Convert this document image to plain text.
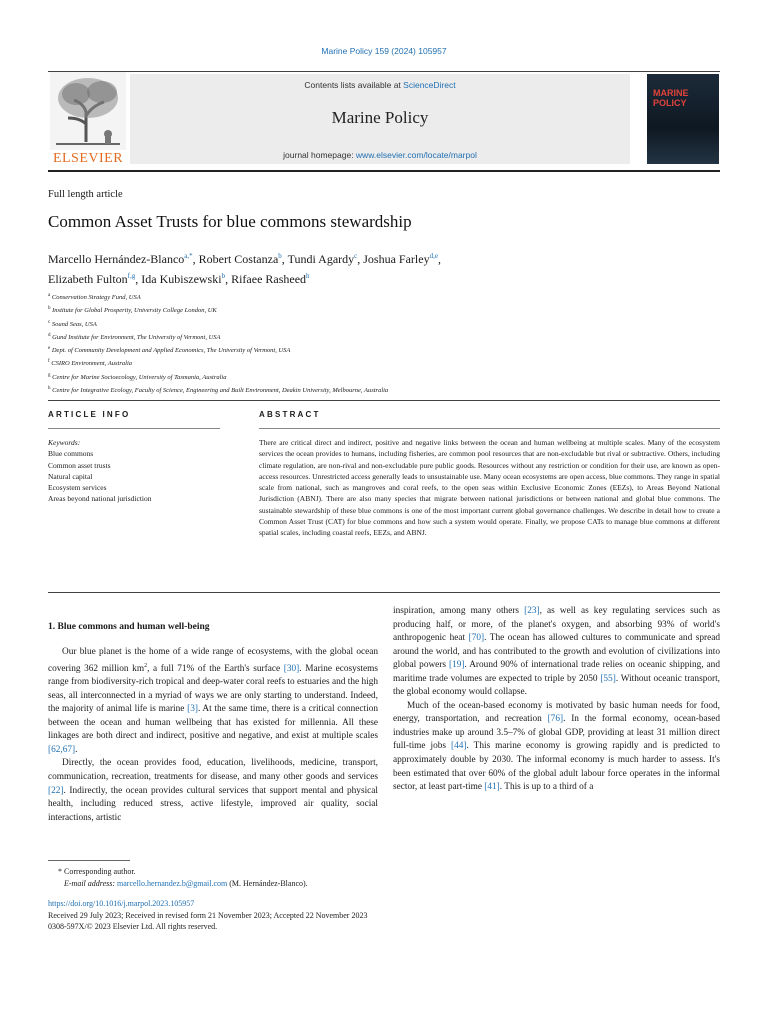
Marine Policy 159 (2024) 105957
ELSEVIER
Contents lists available at ScienceDirect
Marine Policy
journal homepage: www.elsevier.com/locate/marpol
MARINE
POLICY
Full length article
Common Asset Trusts for blue commons stewardship
Marcello Hernández-Blanco$^{a,*}$, Robert Costanza$^b$, Tundi Agardy$^c$, Joshua Farley$^{d,e}$,
Elizabeth Fulton$^{f,g}$, Ida Kubiszewski$^b$, Rifaee Rasheed$^h$
$^a$ Conservation Strategy Fund, USA
$^b$ Institute for Global Prosperity, University College London, UK
$^c$ Sound Seas, USA
$^d$ Gund Institute for Environment, The University of Vermont, USA
$^e$ Dept. of Community Development and Applied Economics, The University of Vermont, USA
$^f$ CSIRO Environment, Australia
$^g$ Centre for Marine Socioecology, University of Tasmania, Australia
$^h$ Centre for Integrative Ecology, Faculty of Science, Engineering and Built Environment, Deakin University, Melbourne, Australia
ARTICLE INFO	ABSTRACT
Keywords:
Blue commons
Common asset trusts
Natural capital
Ecosystem services
Areas beyond national jurisdiction
There are critical direct and indirect, positive and negative links between the ocean and human wellbeing at multiple scales. Many of the ecosystem services the ocean provides to humans, including fisheries, are common pool resources that are non-excludable but rival or subtractive. Others, including climate regulation, are non-rival and non-excludable pure public goods. Resources without any restriction or condition for their use, are known as open-access resources. Unrestricted access generally leads to unsustainable use. Many ocean ecosystems are open access, blue commons. They range in spatial scale from national, such as mangroves and coral reefs, to the open seas within Exclusive Economic Zones (EEZs), to Areas Beyond National Jurisdiction (ABNJ). There are also many species that migrate between national jurisdictions or between national and global blue commons. The sustainable stewardship of these blue commons is one of the most important current global governance challenges. We describe in detail how to create a Common Asset Trust (CAT) for blue commons and how such a system would operate. Finally, we propose CATs to manage blue commons at different spatial scales, including coastal reefs, EEZs, and ABNJ.
1. Blue commons and human well-being

Our blue planet is the home of a wide range of ecosystems, with the global ocean covering 362 million $km^2$, a full 71% of the Earth's surface [30]. Marine ecosystems range from biodiversity-rich tropical and deep-water coral reefs to estuaries and the high seas, all interconnected in a myriad of ways we are only starting to understand. Indeed, the majority of animal life is marine [3]. At the same time, there is a critical connection between the ocean and human wellbeing that has existed for millennia. All these linkages are both direct and indirect, positive and negative, and exist at multiple scales [62,67].

Directly, the ocean provides food, education, livelihoods, medicine, transport, communication, recreation, treatments for disease, and many other goods and services [22]. Indirectly, the ocean provides cultural services that support mental and physical health, including reduced stress, active lifestyle, improved air quality, social interactions, artistic

inspiration, among many others [23], as well as key regulating services such as producing half, or more, of the planet's oxygen, and absorbing 93% of world's anthropogenic heat [70]. The ocean has allowed cultures to communicate and spread around the world, and has contributed to the growth and evolution of civilizations into global powers [19]. Around 90% of international trade relies on oceanic shipping, and maritime trade volumes are expected to triple by 2050 [55]. Without oceanic transport, the global economy would collapse.

Much of the ocean-based economy is motivated by basic human needs for food, energy, transportation, and recreation [76]. In the formal economy, ocean-based industries make up around 3.5–7% of global GDP, providing at least 31 million direct full-time jobs [44]. This marine economy is growing rapidly and is predicted to approximately double by 2030. The informal economy is much harder to assess. It's been estimated that over 60% of the global adult labour force operates in the informal sector, at least part-time [41]. This is up to a third of a

* Corresponding author.
E-mail address: marcello.hernandez.b@gmail.com (M. Hernández-Blanco).
https://doi.org/10.1016/j.marpol.2023.105957
Received 29 July 2023; Received in revised form 21 November 2023; Accepted 22 November 2023
0308-597X/© 2023 Elsevier Ltd. All rights reserved.
